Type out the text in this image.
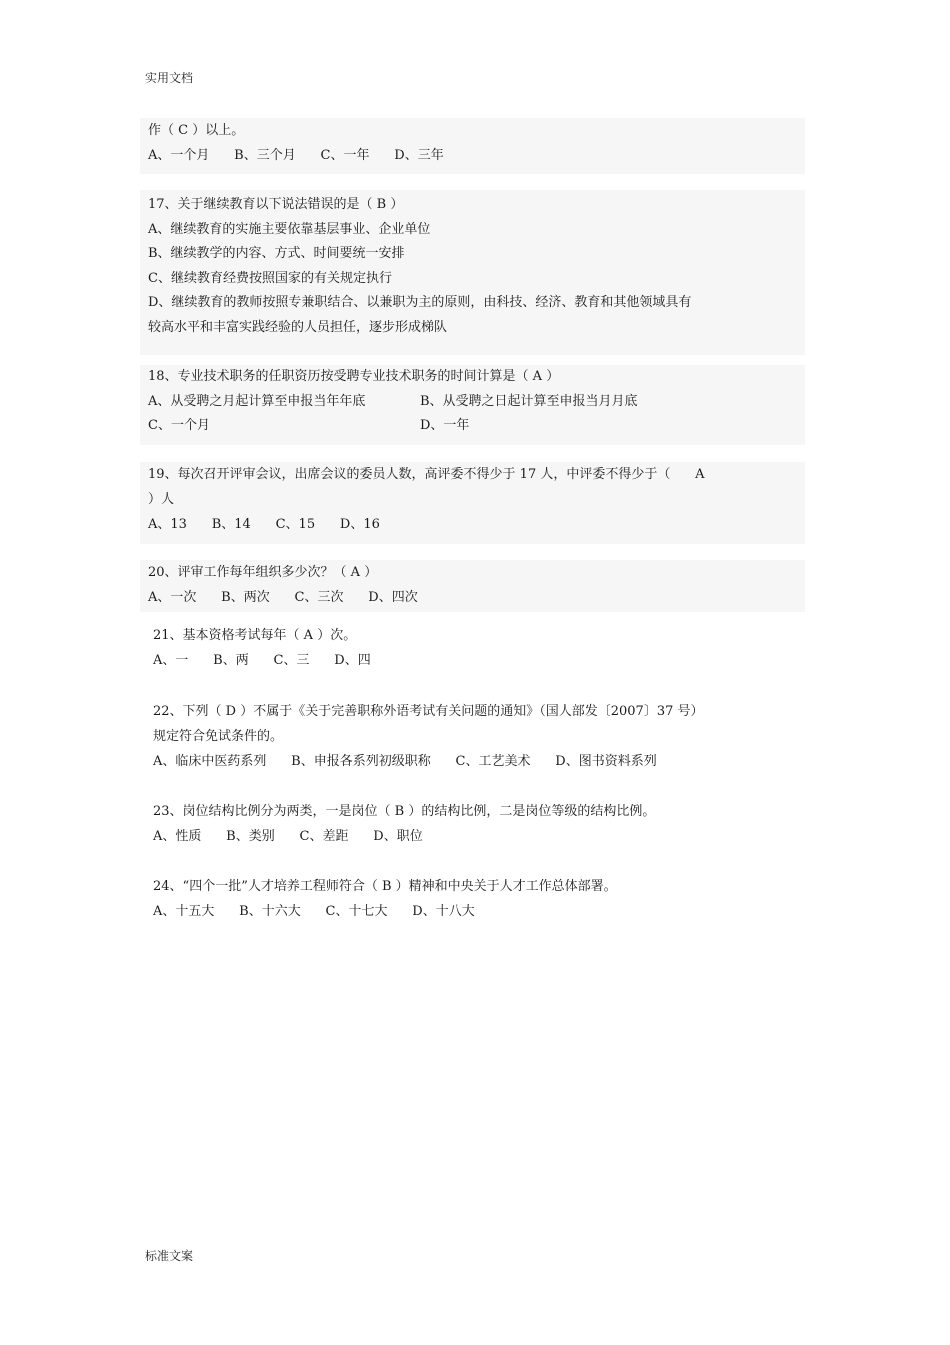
实用文档
作（ C ）以上。
A、一个月      B、三个月      C、一年      D、三年
17、关于继续教育以下说法错误的是（ B ）
A、继续教育的实施主要依靠基层事业、企业单位
B、继续教学的内容、方式、时间要统一安排
C、继续教育经费按照国家的有关规定执行
D、继续教育的教师按照专兼职结合、以兼职为主的原则，由科技、经济、教育和其他领域具有
较高水平和丰富实践经验的人员担任，逐步形成梯队
18、专业技术职务的任职资历按受聘专业技术职务的时间计算是（ A ）
A、从受聘之月起计算至申报当年年底	B、从受聘之日起计算至申报当月月底
C、一个月	D、一年
19、每次召开评审会议，出席会议的委员人数，高评委不得少于 17 人，中评委不得少于（      A
）人
A、13      B、14      C、15      D、16
20、评审工作每年组织多少次？（ A ）
A、一次      B、两次      C、三次      D、四次
21、基本资格考试每年（ A ）次。
A、一      B、两      C、三      D、四
22、下列（ D ）不属于《关于完善职称外语考试有关问题的通知》（国人部发〔2007〕37 号）
规定符合免试条件的。
A、临床中医药系列      B、申报各系列初级职称      C、工艺美术      D、图书资料系列
23、岗位结构比例分为两类，一是岗位（ B ）的结构比例，二是岗位等级的结构比例。
A、性质      B、类别      C、差距      D、职位
24、“四个一批”人才培养工程师符合（ B ）精神和中央关于人才工作总体部署。
A、十五大      B、十六大      C、十七大      D、十八大
标准文案
